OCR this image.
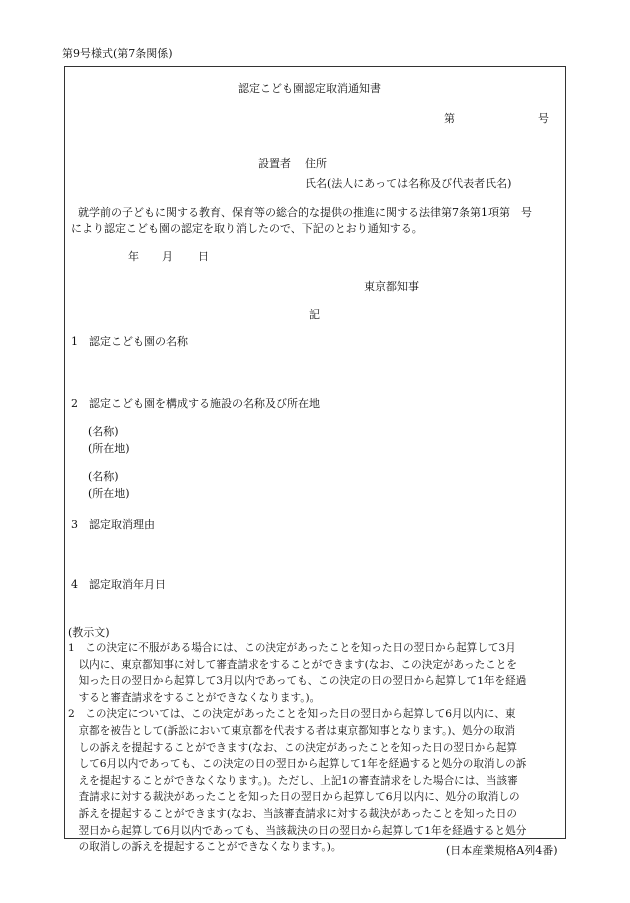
第9号様式(第7条関係)
認定こども園認定取消通知書
第	号
設置者 住所
氏名(法人にあっては名称及び代表者氏名)
就学前の子どもに関する教育、保育等の総合的な提供の推進に関する法律第7条第1項第　号
により認定こども園の認定を取り消したので、下記のとおり通知する。
年 月 日
東京都知事
記
1　認定こども園の名称
2　認定こども園を構成する施設の名称及び所在地
(名称)
(所在地)
(名称)
(所在地)
3　認定取消理由
4　認定取消年月日
(教示文)

1　この決定に不服がある場合には、この決定があったことを知った日の翌日から起算して3月

　以内に、東京都知事に対して審査請求をすることができます(なお、この決定があったことを

　知った日の翌日から起算して3月以内であっても、この決定の日の翌日から起算して1年を経過

　すると審査請求をすることができなくなります。)。

2　この決定については、この決定があったことを知った日の翌日から起算して6月以内に、東

　京都を被告として(訴訟において東京都を代表する者は東京都知事となります。)、処分の取消

　しの訴えを提起することができます(なお、この決定があったことを知った日の翌日から起算

　して6月以内であっても、この決定の日の翌日から起算して1年を経過すると処分の取消しの訴

　えを提起することができなくなります。)。ただし、上記1の審査請求をした場合には、当該審

　査請求に対する裁決があったことを知った日の翌日から起算して6月以内に、処分の取消しの

　訴えを提起することができます(なお、当該審査請求に対する裁決があったことを知った日の

　翌日から起算して6月以内であっても、当該裁決の日の翌日から起算して1年を経過すると処分

　の取消しの訴えを提起することができなくなります。)。	(日本産業規格A列4番)
